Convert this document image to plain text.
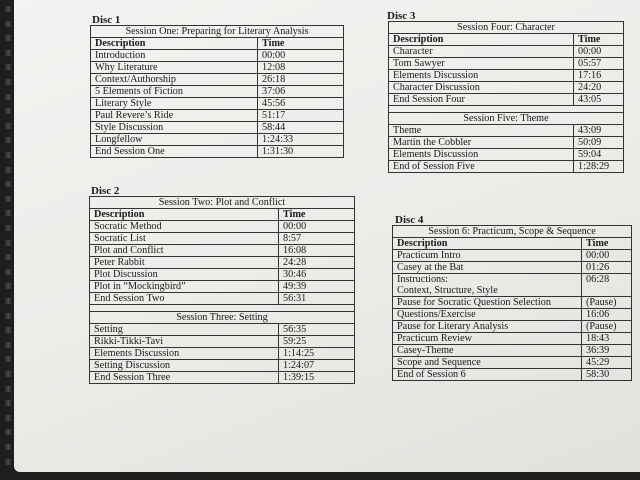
Disc 1
Session One: Preparing for Literary Analysis	
Description	Time
Introduction	00:00
Why Literature	12:08
Context/Authorship	26:18
5 Elements of Fiction	37:06
Literary Style	45:56
Paul Revere’s Ride	51:17
Style Discussion	58:44
Longfellow	1:24:33
End Session One	1:31:30
Disc 2
Session Two: Plot and Conflict	
Description	Time
Socratic Method	00:00
Socratic List	8:57
Plot and Conflict	16:08
Peter Rabbit	24:28
Plot Discussion	30:46
Plot in “Mockingbird”	49:39
End Session Two	56:31

Session Three: Setting	
Setting	56:35
Rikki-Tikki-Tavi	59:25
Elements Discussion	1:14:25
Setting Discussion	1:24:07
End Session Three	1:39:15
Disc 3
Session Four: Character	
Description	Time
Character	00:00
Tom Sawyer	05:57
Elements Discussion	17:16
Character Discussion	24:20
End Session Four	43:05

Session Five: Theme	
Theme	43:09
Martin the Cobbler	50:09
Elements Discussion	59:04
End of Session Five	1:28:29
Disc 4
Session 6: Practicum, Scope & Sequence	
Description	Time
Practicum Intro	00:00
Casey at the Bat	01:26
Instructions:
Context, Structure, Style	06:28
Pause for Socratic Question Selection	(Pause)
Questions/Exercise	16:06
Pause for Literary Analysis	(Pause)
Practicum Review	18:43
Casey-Theme	36:39
Scope and Sequence	45:29
End of Session 6	58:30
